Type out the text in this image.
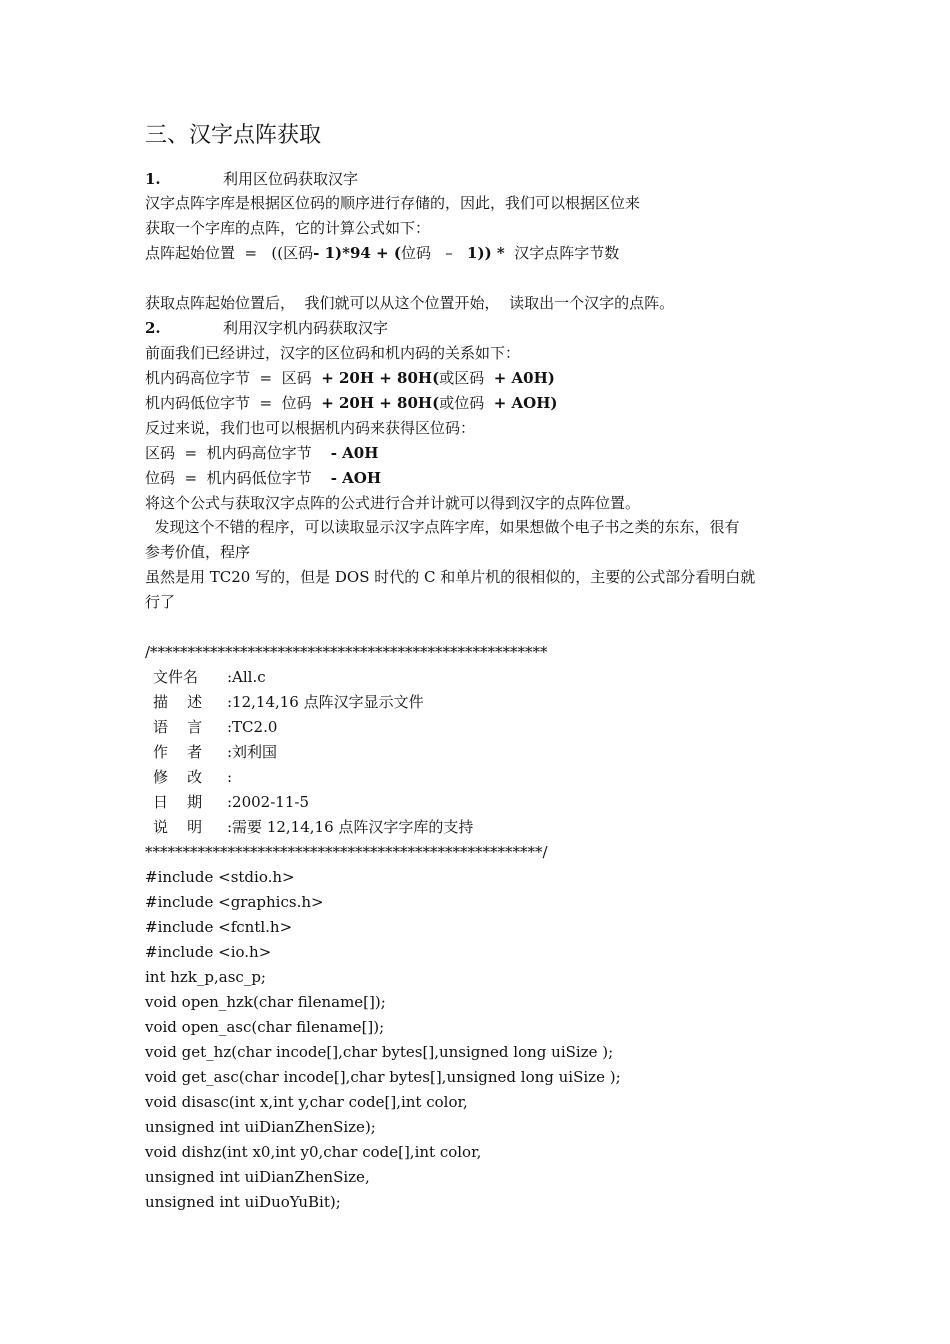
三、汉字点阵获取
1.	利用区位码获取汉字
汉字点阵字库是根据区位码的顺序进行存储的，因此，我们可以根据区位来
获取一个字库的点阵，它的计算公式如下：
点阵起始位置  =   ((区码- 1)*94 + (位码   –   1)) *  汉字点阵字节数
获取点阵起始位置后，  我们就可以从这个位置开始，  读取出一个汉字的点阵。
2.	利用汉字机内码获取汉字
前面我们已经讲过，汉字的区位码和机内码的关系如下：
机内码高位字节  =  区码  + 20H + 80H(或区码  + A0H)
机内码低位字节  =  位码  + 20H + 80H(或位码  + AOH)
反过来说，我们也可以根据机内码来获得区位码：
区码  =  机内码高位字节    - A0H
位码  =  机内码低位字节    - AOH
将这个公式与获取汉字点阵的公式进行合并计就可以得到汉字的点阵位置。
发现这个不错的程序，可以读取显示汉字点阵字库，如果想做个电子书之类的东东，很有
参考价值，程序
虽然是用 TC20 写的，但是 DOS 时代的 C 和单片机的很相似的，主要的公式部分看明白就
行了
/*****************************************************
文件名 :All.c
描    述 :12,14,16 点阵汉字显示文件
语    言 :TC2.0
作    者 :刘利国
修    改 :
日    期 :2002-11-5
说    明 :需要 12,14,16 点阵汉字字库的支持
*****************************************************/
#include <stdio.h>
#include <graphics.h>
#include <fcntl.h>
#include <io.h>
int hzk_p,asc_p;
void open_hzk(char filename[]);
void open_asc(char filename[]);
void get_hz(char incode[],char bytes[],unsigned long uiSize );
void get_asc(char incode[],char bytes[],unsigned long uiSize );
void disasc(int x,int y,char code[],int color,
unsigned int uiDianZhenSize);
void dishz(int x0,int y0,char code[],int color,
unsigned int uiDianZhenSize,
unsigned int uiDuoYuBit);
